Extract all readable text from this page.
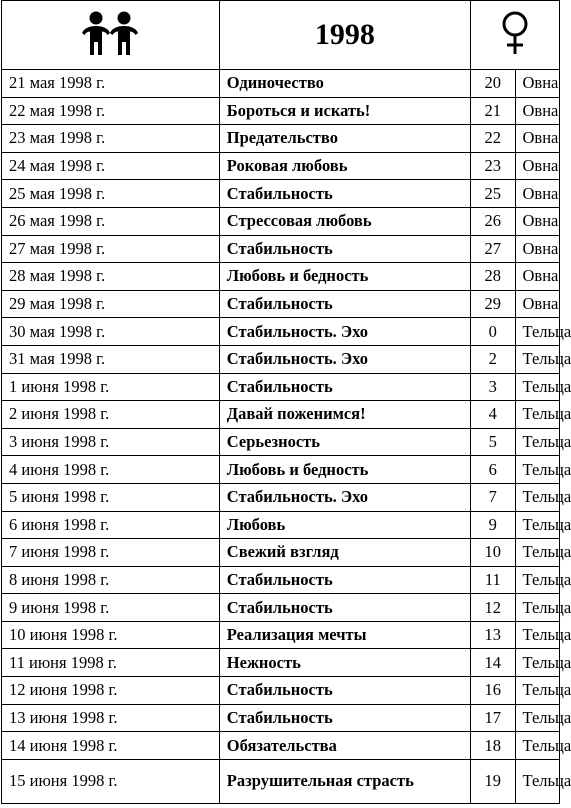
	1998	
21 мая 1998 г.	Одиночество	20	Овна
22 мая 1998 г.	Бороться и искать!	21	Овна
23 мая 1998 г.	Предательство	22	Овна
24 мая 1998 г.	Роковая любовь	23	Овна
25 мая 1998 г.	Стабильность	25	Овна
26 мая 1998 г.	Стрессовая любовь	26	Овна
27 мая 1998 г.	Стабильность	27	Овна
28 мая 1998 г.	Любовь и бедность	28	Овна
29 мая 1998 г.	Стабильность	29	Овна
30 мая 1998 г.	Стабильность. Эхо	0	Тельца
31 мая 1998 г.	Стабильность. Эхо	2	Тельца
1 июня 1998 г.	Стабильность	3	Тельца
2 июня 1998 г.	Давай поженимся!	4	Тельца
3 июня 1998 г.	Серьезность	5	Тельца
4 июня 1998 г.	Любовь и бедность	6	Тельца
5 июня 1998 г.	Стабильность. Эхо	7	Тельца
6 июня 1998 г.	Любовь	9	Тельца
7 июня 1998 г.	Свежий взгляд	10	Тельца
8 июня 1998 г.	Стабильность	11	Тельца
9 июня 1998 г.	Стабильность	12	Тельца
10 июня 1998 г.	Реализация мечты	13	Тельца
11 июня 1998 г.	Нежность	14	Тельца
12 июня 1998 г.	Стабильность	16	Тельца
13 июня 1998 г.	Стабильность	17	Тельца
14 июня 1998 г.	Обязательства	18	Тельца
15 июня 1998 г.	Разрушительная страсть	19	Тельца
